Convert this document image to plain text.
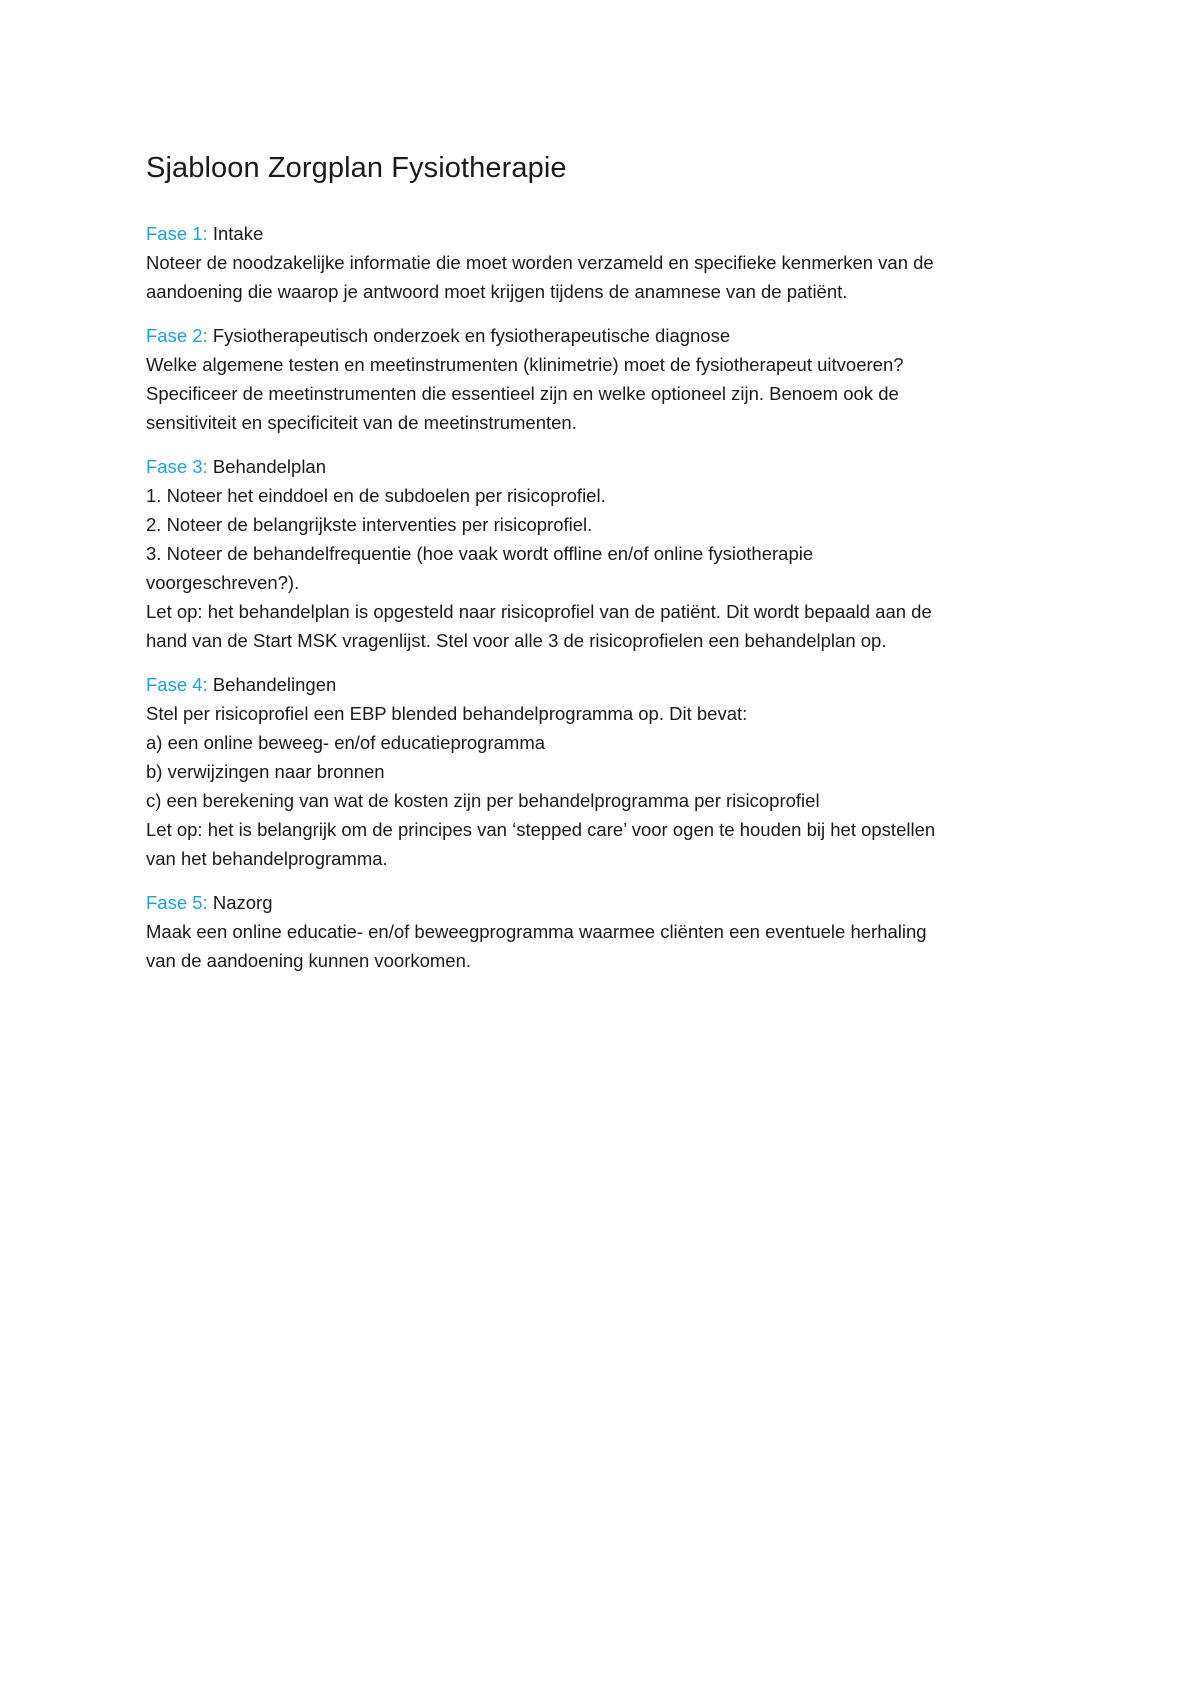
Sjabloon Zorgplan Fysiotherapie

Fase 1: Intake

Noteer de noodzakelijke informatie die moet worden verzameld en specifieke kenmerken van de

aandoening die waarop je antwoord moet krijgen tijdens de anamnese van de patiënt.

Fase 2: Fysiotherapeutisch onderzoek en fysiotherapeutische diagnose

Welke algemene testen en meetinstrumenten (klinimetrie) moet de fysiotherapeut uitvoeren?

Specificeer de meetinstrumenten die essentieel zijn en welke optioneel zijn. Benoem ook de

sensitiviteit en specificiteit van de meetinstrumenten.

Fase 3: Behandelplan

1. Noteer het einddoel en de subdoelen per risicoprofiel.

2. Noteer de belangrijkste interventies per risicoprofiel.

3. Noteer de behandelfrequentie (hoe vaak wordt offline en/of online fysiotherapie

voorgeschreven?).

Let op: het behandelplan is opgesteld naar risicoprofiel van de patiënt. Dit wordt bepaald aan de

hand van de Start MSK vragenlijst. Stel voor alle 3 de risicoprofielen een behandelplan op.

Fase 4: Behandelingen

Stel per risicoprofiel een EBP blended behandelprogramma op. Dit bevat:

a) een online beweeg- en/of educatieprogramma

b) verwijzingen naar bronnen

c) een berekening van wat de kosten zijn per behandelprogramma per risicoprofiel

Let op: het is belangrijk om de principes van ‘stepped care’ voor ogen te houden bij het opstellen

van het behandelprogramma.

Fase 5: Nazorg

Maak een online educatie- en/of beweegprogramma waarmee cliënten een eventuele herhaling

van de aandoening kunnen voorkomen.
